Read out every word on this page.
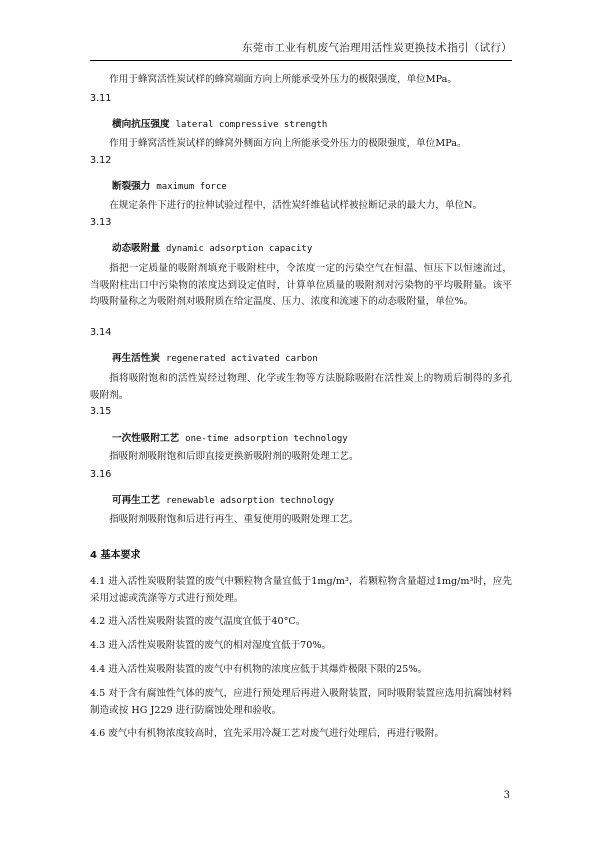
东莞市工业有机废气治理用活性炭更换技术指引（试行）
作用于蜂窝活性炭试样的蜂窝端面方向上所能承受外压力的极限强度，单位MPa。
3.11
横向抗压强度 lateral compressive strength
作用于蜂窝活性炭试样的蜂窝外侧面方向上所能承受外压力的极限强度，单位MPa。
3.12
断裂强力 maximum force
在规定条件下进行的拉伸试验过程中，活性炭纤维毡试样被拉断记录的最大力，单位N。
3.13
动态吸附量 dynamic adsorption capacity
指把一定质量的吸附剂填充于吸附柱中，令浓度一定的污染空气在恒温、恒压下以恒速流过，当吸附柱出口中污染物的浓度达到设定值时，计算单位质量的吸附剂对污染物的平均吸附量。该平均吸附量称之为吸附剂对吸附质在给定温度、压力、浓度和流速下的动态吸附量，单位%。
3.14
再生活性炭 regenerated activated carbon
指将吸附饱和的活性炭经过物理、化学或生物等方法脱除吸附在活性炭上的物质后制得的多孔吸附剂。
3.15
一次性吸附工艺 one-time adsorption technology
指吸附剂吸附饱和后即直接更换新吸附剂的吸附处理工艺。
3.16
可再生工艺 renewable adsorption technology
指吸附剂吸附饱和后进行再生、重复使用的吸附处理工艺。
4 基本要求
4.1 进入活性炭吸附装置的废气中颗粒物含量宜低于1mg/m³，若颗粒物含量超过1mg/m³时，应先采用过滤或洗涤等方式进行预处理。
4.2 进入活性炭吸附装置的废气温度宜低于40°C。
4.3 进入活性炭吸附装置的废气的相对湿度宜低于70%。
4.4 进入活性炭吸附装置的废气中有机物的浓度应低于其爆炸极限下限的25%。
4.5 对于含有腐蚀性气体的废气，应进行预处理后再进入吸附装置，同时吸附装置应选用抗腐蚀材料制造或按 HG J229 进行防腐蚀处理和验收。
4.6 废气中有机物浓度较高时，宜先采用冷凝工艺对废气进行处理后，再进行吸附。
3
